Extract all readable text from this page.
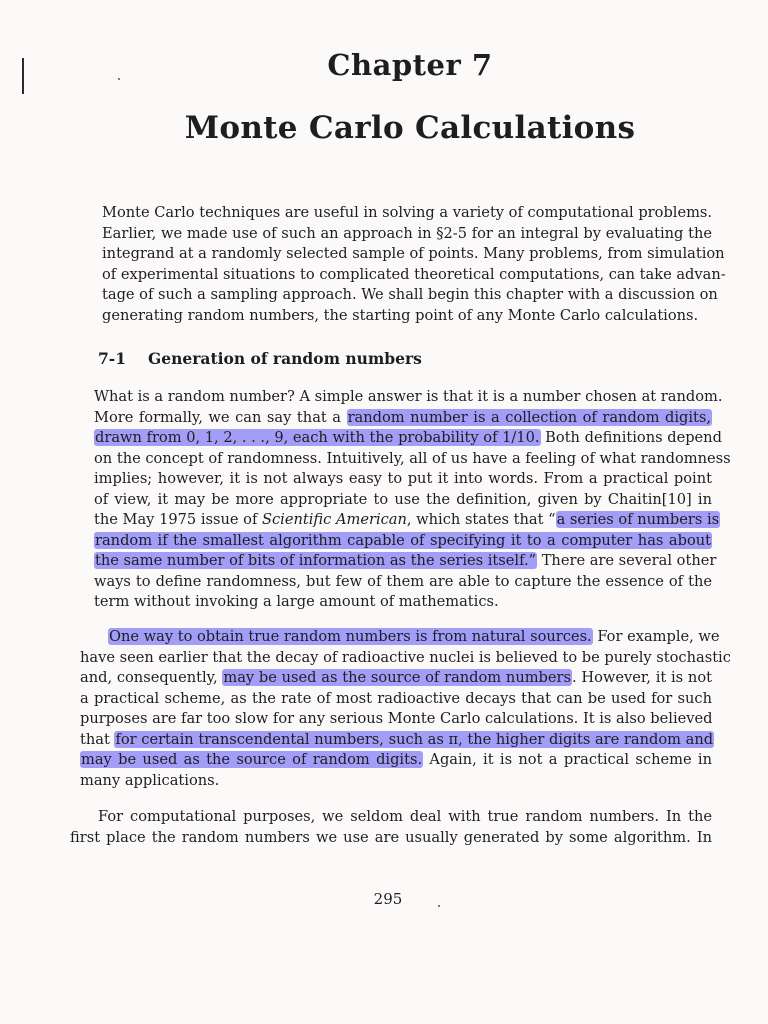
Chapter 7
Monte Carlo Calculations
Monte Carlo techniques are useful in solving a variety of computational problems.
Earlier, we made use of such an approach in §2-5 for an integral by evaluating the
integrand at a randomly selected sample of points. Many problems, from simulation
of experimental situations to complicated theoretical computations, can take advan-
tage of such a sampling approach. We shall begin this chapter with a discussion on
generating random numbers, the starting point of any Monte Carlo calculations.
7-1 Generation of random numbers
What is a random number? A simple answer is that it is a number chosen at random.
More formally, we can say that a random number is a collection of random digits,
drawn from 0, 1, 2, . . ., 9, each with the probability of 1/10. Both definitions depend
on the concept of randomness. Intuitively, all of us have a feeling of what randomness
implies; however, it is not always easy to put it into words. From a practical point
of view, it may be more appropriate to use the definition, given by Chaitin[10] in
the May 1975 issue of Scientific American, which states that “a series of numbers is
random if the smallest algorithm capable of specifying it to a computer has about
the same number of bits of information as the series itself.” There are several other
ways to define randomness, but few of them are able to capture the essence of the
term without invoking a large amount of mathematics.
One way to obtain true random numbers is from natural sources. For example, we
have seen earlier that the decay of radioactive nuclei is believed to be purely stochastic
and, consequently, may be used as the source of random numbers. However, it is not
a practical scheme, as the rate of most radioactive decays that can be used for such
purposes are far too slow for any serious Monte Carlo calculations. It is also believed
that for certain transcendental numbers, such as π, the higher digits are random and
may be used as the source of random digits. Again, it is not a practical scheme in
many applications.
For computational purposes, we seldom deal with true random numbers. In the
first place the random numbers we use are usually generated by some algorithm. In
295
